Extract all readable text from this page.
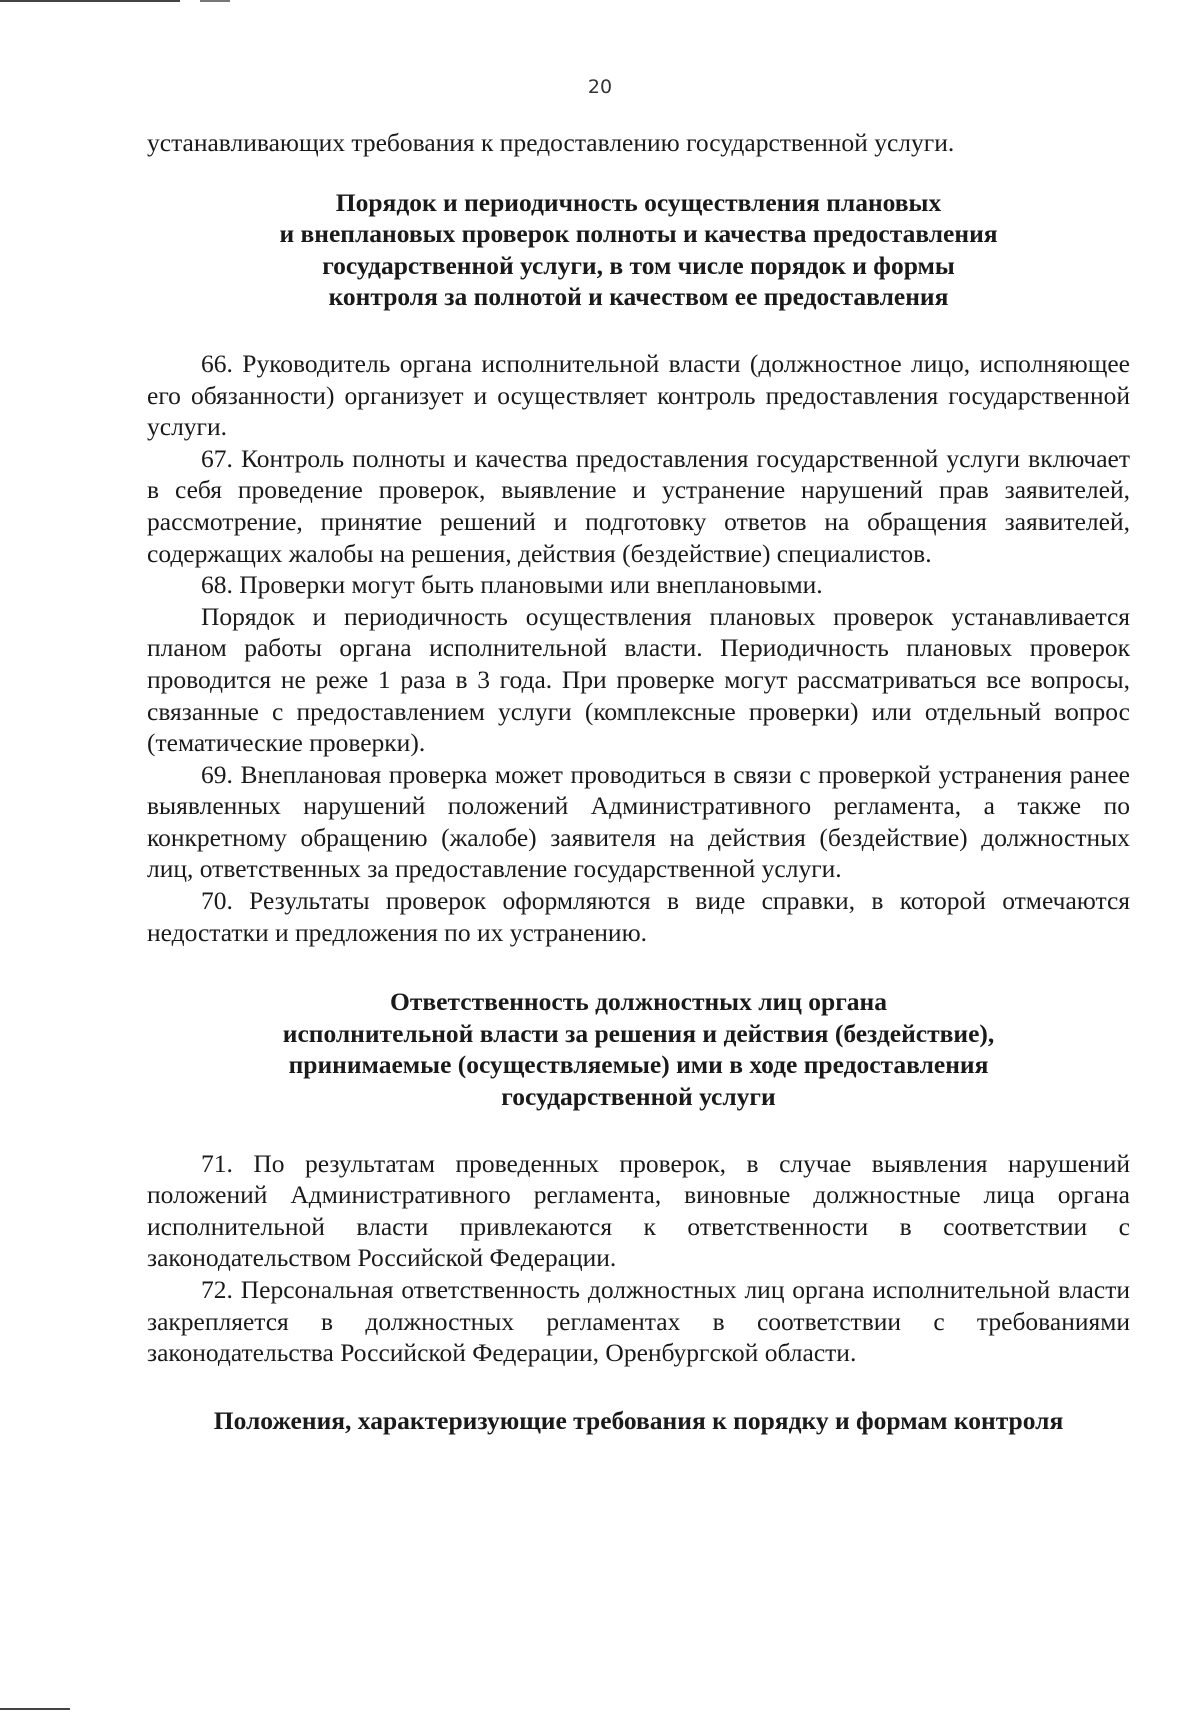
20

устанавливающих требования к предоставлению государственной услуги.

Порядок и периодичность осуществления плановых

и внеплановых проверок полноты и качества предоставления

государственной услуги, в том числе порядок и формы

контроля за полнотой и качеством ее предоставления

66. Руководитель органа исполнительной власти (должностное лицо, исполняющее его обязанности) организует и осуществляет контроль предоставления государственной услуги.

67. Контроль полноты и качества предоставления государственной услуги включает в себя проведение проверок, выявление и устранение нарушений прав заявителей, рассмотрение, принятие решений и подготовку ответов на обращения заявителей, содержащих жалобы на решения, действия (бездействие) специалистов.

68. Проверки могут быть плановыми или внеплановыми.

Порядок и периодичность осуществления плановых проверок устанавливается планом работы органа исполнительной власти. Периодичность плановых проверок проводится не реже 1 раза в 3 года. При проверке могут рассматриваться все вопросы, связанные с предоставлением услуги (комплексные проверки) или отдельный вопрос (тематические проверки).

69. Внеплановая проверка может проводиться в связи с проверкой устранения ранее выявленных нарушений положений Административного регламента, а также по конкретному обращению (жалобе) заявителя на действия (бездействие) должностных лиц, ответственных за предоставление государственной услуги.

70. Результаты проверок оформляются в виде справки, в которой отмечаются недостатки и предложения по их устранению.

Ответственность должностных лиц органа

исполнительной власти за решения и действия (бездействие),

принимаемые (осуществляемые) ими в ходе предоставления

государственной услуги

71. По результатам проведенных проверок, в случае выявления нарушений положений Административного регламента, виновные должностные лица органа исполнительной власти привлекаются к ответственности в соответствии с законодательством Российской Федерации.

72. Персональная ответственность должностных лиц органа исполнительной власти закрепляется в должностных регламентах в соответствии с требованиями законодательства Российской Федерации, Оренбургской области.

Положения, характеризующие требования к порядку и формам контроля
